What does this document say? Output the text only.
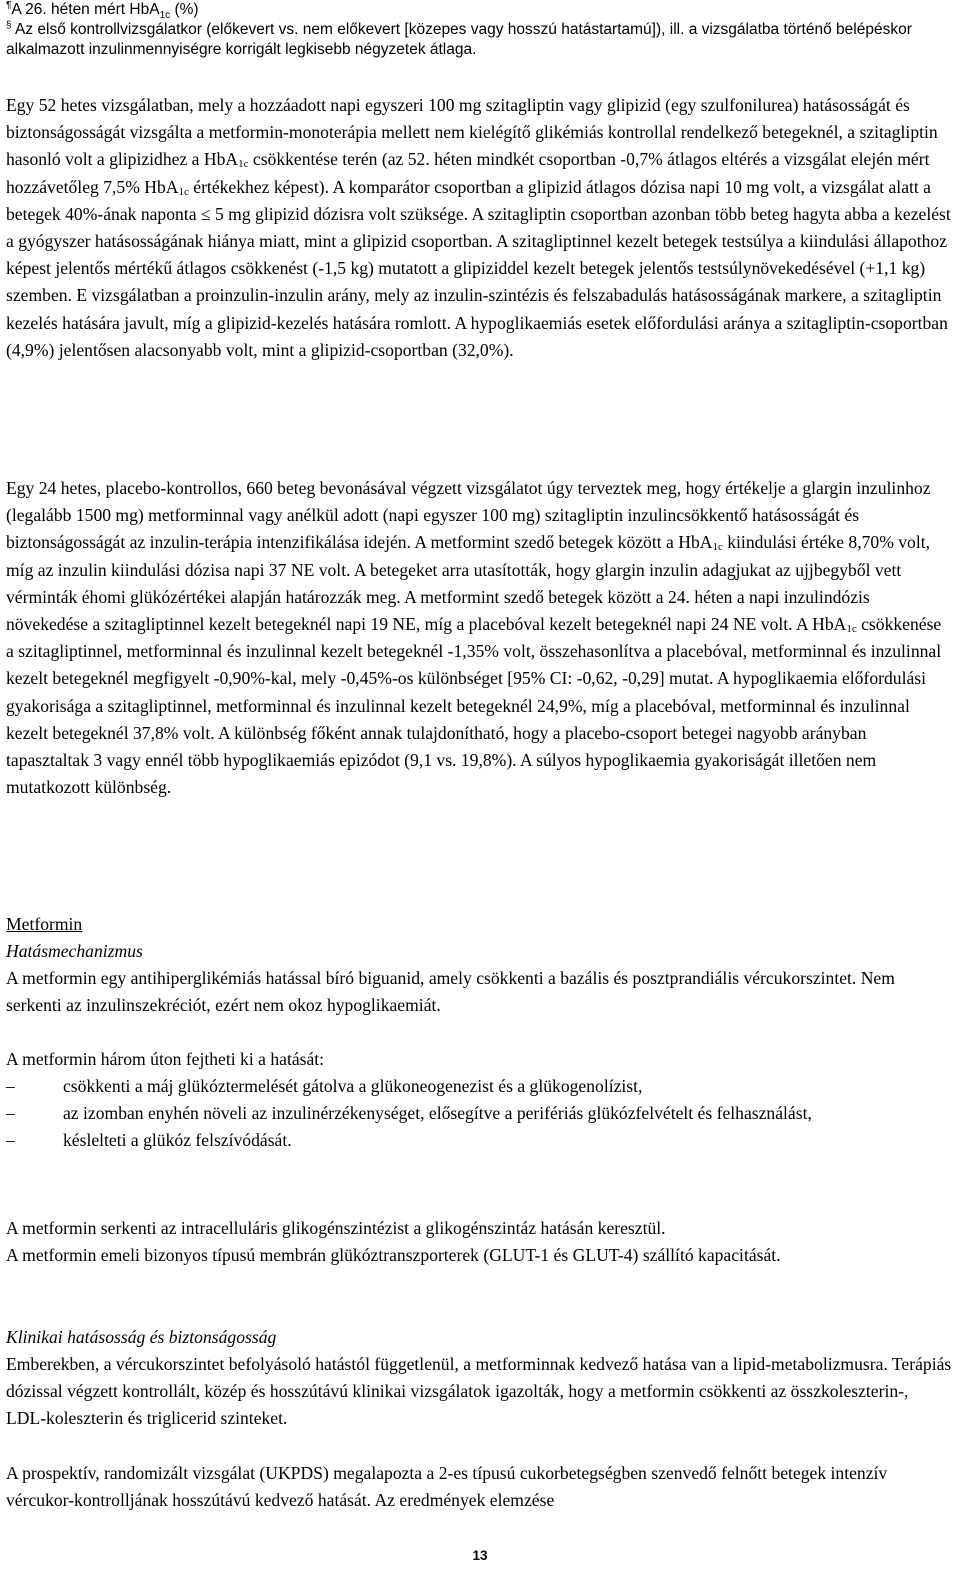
¶A 26. héten mért HbA$_{1c}$ (%)

§ Az első kontrollvizsgálatkor (előkevert vs. nem előkevert [közepes vagy hosszú hatástartamú]), ill. a vizsgálatba történő belépéskor alkalmazott inzulinmennyiségre korrigált legkisebb négyzetek átlaga.

Egy 52 hetes vizsgálatban, mely a hozzáadott napi egyszeri 100 mg szitagliptin vagy glipizid (egy szulfonilurea) hatásosságát és biztonságosságát vizsgálta a metformin-monoterápia mellett nem kielégítő glikémiás kontrollal rendelkező betegeknél, a szitagliptin hasonló volt a glipizidhez a HbA$_{1c}$ csökkentése terén (az 52. héten mindkét csoportban -0,7% átlagos eltérés a vizsgálat elején mért hozzávetőleg 7,5% HbA$_{1c}$ értékekhez képest). A komparátor csoportban a glipizid átlagos dózisa napi 10 mg volt, a vizsgálat alatt a betegek 40%-ának naponta ≤ 5 mg glipizid dózisra volt szüksége. A szitagliptin csoportban azonban több beteg hagyta abba a kezelést a gyógyszer hatásosságának hiánya miatt, mint a glipizid csoportban. A szitagliptinnel kezelt betegek testsúlya a kiindulási állapothoz képest jelentős mértékű átlagos csökkenést (-1,5 kg) mutatott a glipiziddel kezelt betegek jelentős testsúlynövekedésével (+1,1 kg) szemben. E vizsgálatban a proinzulin-inzulin arány, mely az inzulin-szintézis és felszabadulás hatásosságának markere, a szitagliptin kezelés hatására javult, míg a glipizid-kezelés hatására romlott. A hypoglikaemiás esetek előfordulási aránya a szitagliptin-csoportban (4,9%) jelentősen alacsonyabb volt, mint a glipizid-csoportban (32,0%).

Egy 24 hetes, placebo-kontrollos, 660 beteg bevonásával végzett vizsgálatot úgy terveztek meg, hogy értékelje a glargin inzulinhoz (legalább 1500 mg) metforminnal vagy anélkül adott (napi egyszer 100 mg) szitagliptin inzulincsökkentő hatásosságát és biztonságosságát az inzulin-terápia intenzifikálása idején. A metformint szedő betegek között a HbA$_{1c}$ kiindulási értéke 8,70% volt, míg az inzulin kiindulási dózisa napi 37 NE volt. A betegeket arra utasították, hogy glargin inzulin adagjukat az ujjbegyből vett vérminták éhomi glükózértékei alapján határozzák meg. A metformint szedő betegek között a 24. héten a napi inzulindózis növekedése a szitagliptinnel kezelt betegeknél napi 19 NE, míg a placebóval kezelt betegeknél napi 24 NE volt. A HbA$_{1c}$ csökkenése a szitagliptinnel, metforminnal és inzulinnal kezelt betegeknél -1,35% volt, összehasonlítva a placebóval, metforminnal és inzulinnal kezelt betegeknél megfigyelt -0,90%-kal, mely -0,45%-os különbséget [95% CI: -0,62, -0,29] mutat. A hypoglikaemia előfordulási gyakorisága a szitagliptinnel, metforminnal és inzulinnal kezelt betegeknél 24,9%, míg a placebóval, metforminnal és inzulinnal kezelt betegeknél 37,8% volt. A különbség főként annak tulajdonítható, hogy a placebo-csoport betegei nagyobb arányban tapasztaltak 3 vagy ennél több hypoglikaemiás epizódot (9,1 vs. 19,8%). A súlyos hypoglikaemia gyakoriságát illetően nem mutatkozott különbség.

Metformin

Hatásmechanizmus

A metformin egy antihiperglikémiás hatással bíró biguanid, amely csökkenti a bazális és posztprandiális vércukorszintet. Nem serkenti az inzulinszekréciót, ezért nem okoz hypoglikaemiát.

A metformin három úton fejtheti ki a hatását:

–	csökkenti a máj glükóztermelését gátolva a glükoneogenezist és a glükogenolízist,
–	az izomban enyhén növeli az inzulinérzékenységet, elősegítve a perifériás glükózfelvételt és felhasználást,
–	késlelteti a glükóz felszívódását.

A metformin serkenti az intracelluláris glikogénszintézist a glikogénszintáz hatásán keresztül.

A metformin emeli bizonyos típusú membrán glükóztranszporterek (GLUT-1 és GLUT-4) szállító kapacitását.

Klinikai hatásosság és biztonságosság

Emberekben, a vércukorszintet befolyásoló hatástól függetlenül, a metforminnak kedvező hatása van a lipid-metabolizmusra. Terápiás dózissal végzett kontrollált, közép és hosszútávú klinikai vizsgálatok igazolták, hogy a metformin csökkenti az összkoleszterin-, LDL-koleszterin és triglicerid szinteket.

A prospektív, randomizált vizsgálat (UKPDS) megalapozta a 2-es típusú cukorbetegségben szenvedő felnőtt betegek intenzív vércukor-kontrolljának hosszútávú kedvező hatását. Az eredmények elemzése

13
